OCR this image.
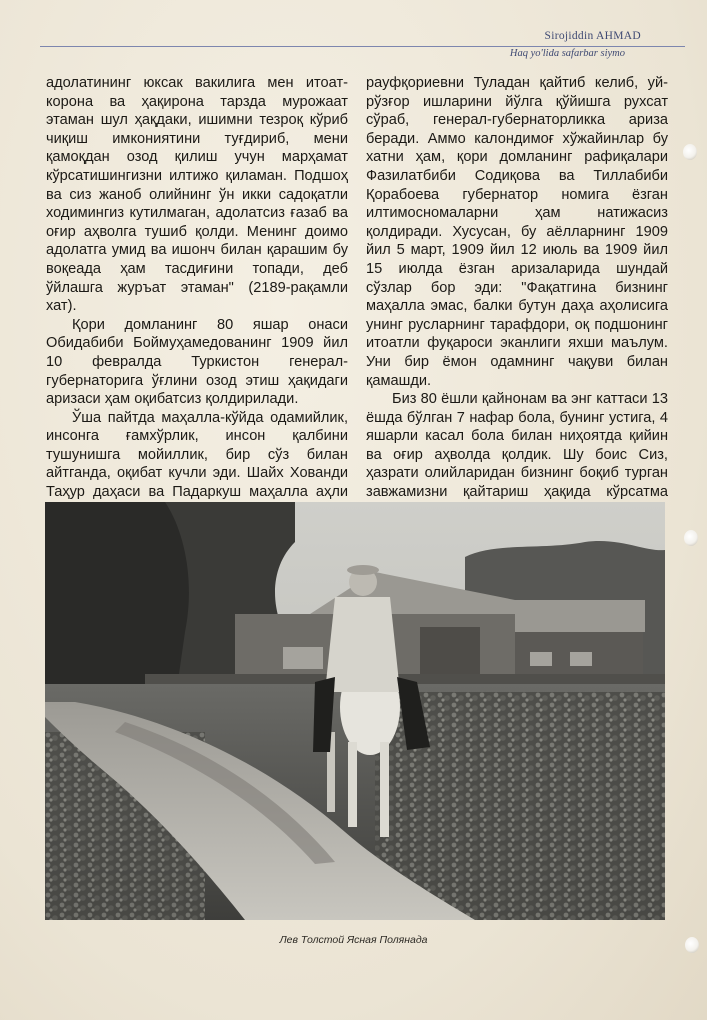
Sirojiddin AHMAD
Haq yo'lida safarbar siymo

адолатининг юксак вакилига мен итоат-корона ва ҳақирона тарзда мурожаат этаман шул ҳақдаки, ишимни тезроқ кўриб чиқиш имкониятини туғдириб, мени қамоқдан озод қилиш учун марҳамат кўрсатишингизни илтижо қиламан. Подшоҳ ва сиз жаноб олийнинг ўн икки садоқатли ходимингиз кутилмаган, адолатсиз ғазаб ва оғир аҳволга тушиб қолди. Менинг доимо адолатга умид ва ишонч билан қарашим бу воқеада ҳам тасдиғини топади, деб ўйлашга журъат этаман" (2189-рақамли хат).

Қори домланинг 80 яшар онаси Обидабиби Боймуҳамедованинг 1909 йил 10 февралда Туркистон генерал-губернаторига ўғлини озод этиш ҳақидаги аризаси ҳам оқибатсиз қолдирилади.

Ўша пайтда маҳалла-кўйда одамийлик, инсонга ғамхўрлик, инсон қалбини тушунишга мойиллик, бир сўз билан айтганда, оқибат кучли эди. Шайх Хованди Таҳур даҳаси ва Падаркуш маҳалла аҳли

рауфқориевни Туладан қайтиб келиб, уй-рўзғор ишларини йўлга қўйишга рухсат сўраб, генерал-губернаторликка ариза беради. Аммо калондимоғ хўжайинлар бу хатни ҳам, қори домланинг рафиқалари Фазилатбиби Содиқова ва Тиллабиби Қорабоева губернатор номига ёзган илтимосномаларни ҳам натижасиз қолдиради. Хусусан, бу аёлларнинг 1909 йил 5 март, 1909 йил 12 июль ва 1909 йил 15 июлда ёзган аризаларида шундай сўзлар бор эди: "Фақатгина бизнинг маҳалла эмас, балки бутун даҳа аҳолисига унинг русларнинг тарафдори, оқ подшонинг итоатли фуқароси эканлиги яхши маълум. Уни бир ёмон одамнинг чақуви билан қамашди.

Биз 80 ёшли қайнонам ва энг каттаси 13 ёшда бўлган 7 нафар бола, бунинг устига, 4 яшарли касал бола билан ниҳоятда қийин ва оғир аҳволда қолдик. Шу боис Сиз, ҳазрати олийларидан бизнинг боқиб турган завжамизни қайтариш ҳақида кўрсатма

Лев Толстой Ясная Полянада
